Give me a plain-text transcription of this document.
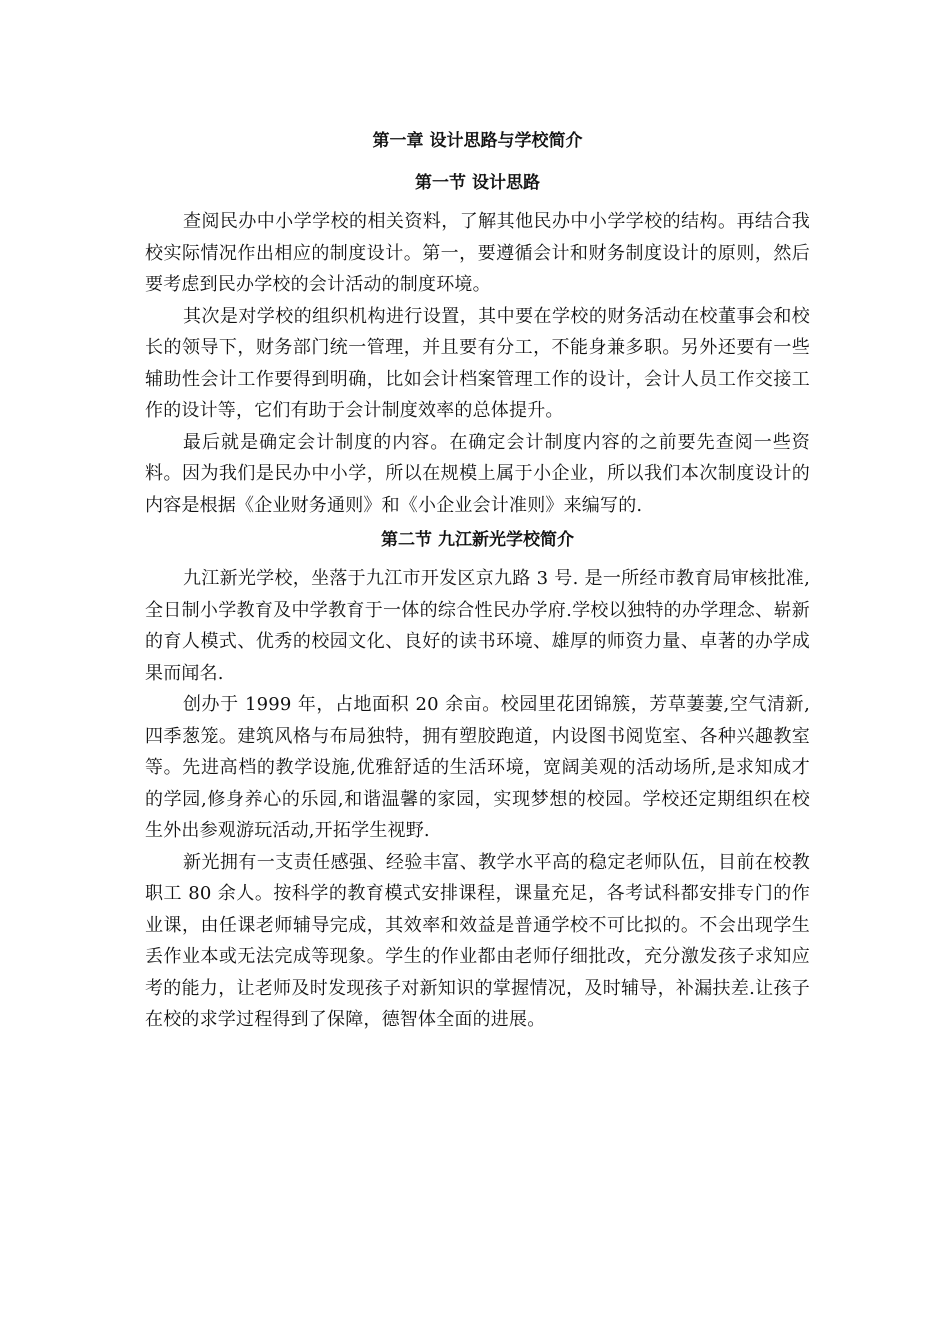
第一章 设计思路与学校简介
第一节 设计思路

查阅民办中小学学校的相关资料，了解其他民办中小学学校的结构。再结合我校实际情况作出相应的制度设计。第一，要遵循会计和财务制度设计的原则，然后要考虑到民办学校的会计活动的制度环境。

其次是对学校的组织机构进行设置，其中要在学校的财务活动在校董事会和校长的领导下，财务部门统一管理，并且要有分工，不能身兼多职。另外还要有一些辅助性会计工作要得到明确，比如会计档案管理工作的设计，会计人员工作交接工作的设计等，它们有助于会计制度效率的总体提升。

最后就是确定会计制度的内容。在确定会计制度内容的之前要先查阅一些资料。因为我们是民办中小学，所以在规模上属于小企业，所以我们本次制度设计的内容是根据《企业财务通则》和《小企业会计准则》来编写的.

第二节 九江新光学校简介

九江新光学校，坐落于九江市开发区京九路 3 号. 是一所经市教育局审核批准,全日制小学教育及中学教育于一体的综合性民办学府.学校以独特的办学理念、崭新的育人模式、优秀的校园文化、良好的读书环境、雄厚的师资力量、卓著的办学成果而闻名.

创办于 1999 年，占地面积 20 余亩。校园里花团锦簇，芳草萋萋,空气清新,四季葱笼。建筑风格与布局独特，拥有塑胶跑道，内设图书阅览室、各种兴趣教室等。先进高档的教学设施,优雅舒适的生活环境，宽阔美观的活动场所,是求知成才的学园,修身养心的乐园,和谐温馨的家园，实现梦想的校园。学校还定期组织在校生外出参观游玩活动,开拓学生视野.

新光拥有一支责任感强、经验丰富、教学水平高的稳定老师队伍，目前在校教职工 80 余人。按科学的教育模式安排课程，课量充足，各考试科都安排专门的作业课，由任课老师辅导完成，其效率和效益是普通学校不可比拟的。不会出现学生丢作业本或无法完成等现象。学生的作业都由老师仔细批改，充分激发孩子求知应考的能力，让老师及时发现孩子对新知识的掌握情况，及时辅导，补漏扶差.让孩子在校的求学过程得到了保障，德智体全面的进展。
